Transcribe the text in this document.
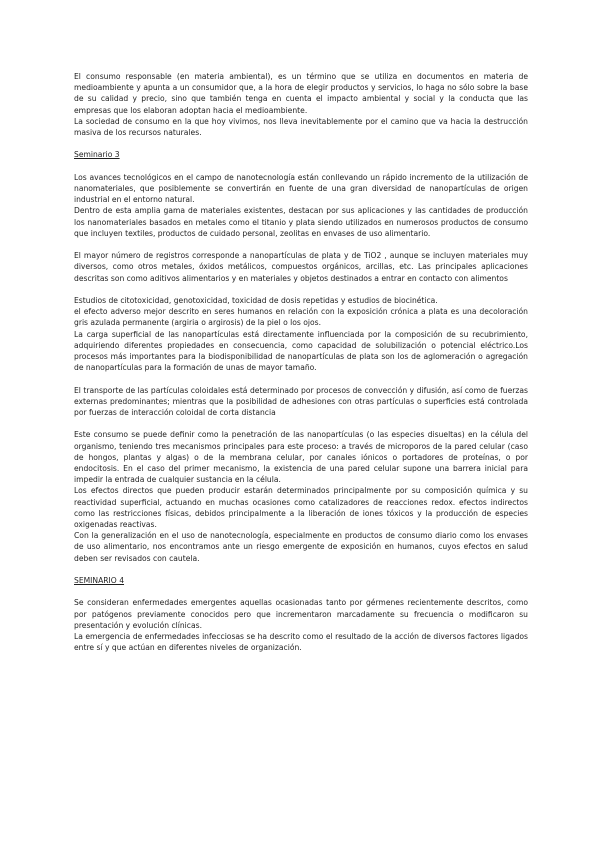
El consumo responsable (en materia ambiental), es un término que se utiliza en documentos en materia de medioambiente y apunta a un consumidor que, a la hora de elegir productos y servicios, lo haga no sólo sobre la base de su calidad y precio, sino que también tenga en cuenta el impacto ambiental y social y la conducta que las empresas que los elaboran adoptan hacia el medioambiente.

La sociedad de consumo en la que hoy vivimos, nos lleva inevitablemente por el camino que va hacia la destrucción masiva de los recursos naturales.

Seminario 3

Los avances tecnológicos en el campo de nanotecnología están conllevando un rápido incremento de la utilización de nanomateriales, que posiblemente se convertirán en fuente de una gran diversidad de nanopartículas de origen industrial en el entorno natural.

Dentro de esta amplia gama de materiales existentes, destacan por sus aplicaciones y las cantidades de producción los nanomateriales basados en metales como el titanio y plata siendo utilizados en numerosos productos de consumo que incluyen textiles, productos de cuidado personal, zeolitas en envases de uso alimentario.

El mayor número de registros corresponde a nanopartículas de plata y de TiO2 , aunque se incluyen materiales muy diversos, como otros metales, óxidos metálicos, compuestos orgánicos, arcillas, etc. Las principales aplicaciones descritas son como aditivos alimentarios y en materiales y objetos destinados a entrar en contacto con alimentos

Estudios de citotoxicidad, genotoxicidad, toxicidad de dosis repetidas y estudios de biocinética.

el efecto adverso mejor descrito en seres humanos en relación con la exposición crónica a plata es una decoloración gris azulada permanente (argiria o argirosis) de la piel o los ojos.

La carga superficial de las nanopartículas está directamente influenciada por la composición de su recubrimiento, adquiriendo diferentes propiedades en consecuencia, como capacidad de solubilización o potencial eléctrico.Los procesos más importantes para la biodisponibilidad de nanopartículas de plata son los de aglomeración o agregación de nanopartículas para la formación de unas de mayor tamaño.

El transporte de las partículas coloidales está determinado por procesos de convección y difusión, así como de fuerzas externas predominantes; mientras que la posibilidad de adhesiones con otras partículas o superficies está controlada por fuerzas de interacción coloidal de corta distancia

Este consumo se puede definir como la penetración de las nanopartículas (o las especies disueltas) en la célula del organismo, teniendo tres mecanismos principales para este proceso: a través de microporos de la pared celular (caso de hongos, plantas y algas) o de la membrana celular, por canales iónicos o portadores de proteínas, o por endocitosis. En el caso del primer mecanismo, la existencia de una pared celular supone una barrera inicial para impedir la entrada de cualquier sustancia en la célula.

Los efectos directos que pueden producir estarán determinados principalmente por su composición química y su reactividad superficial, actuando en muchas ocasiones como catalizadores de reacciones redox. efectos indirectos como las restricciones físicas, debidos principalmente a la liberación de iones tóxicos y la producción de especies oxigenadas reactivas.

Con la generalización en el uso de nanotecnología, especialmente en productos de consumo diario como los envases de uso alimentario, nos encontramos ante un riesgo emergente de exposición en humanos, cuyos efectos en salud deben ser revisados con cautela.

SEMINARIO 4

Se consideran enfermedades emergentes aquellas ocasionadas tanto por gérmenes recientemente descritos, como por patógenos previamente conocidos pero que incrementaron marcadamente su frecuencia o modificaron su presentación y evolución clínicas.

La emergencia de enfermedades infecciosas se ha descrito como el resultado de la acción de diversos factores ligados entre sí y que actúan en diferentes niveles de organización.
